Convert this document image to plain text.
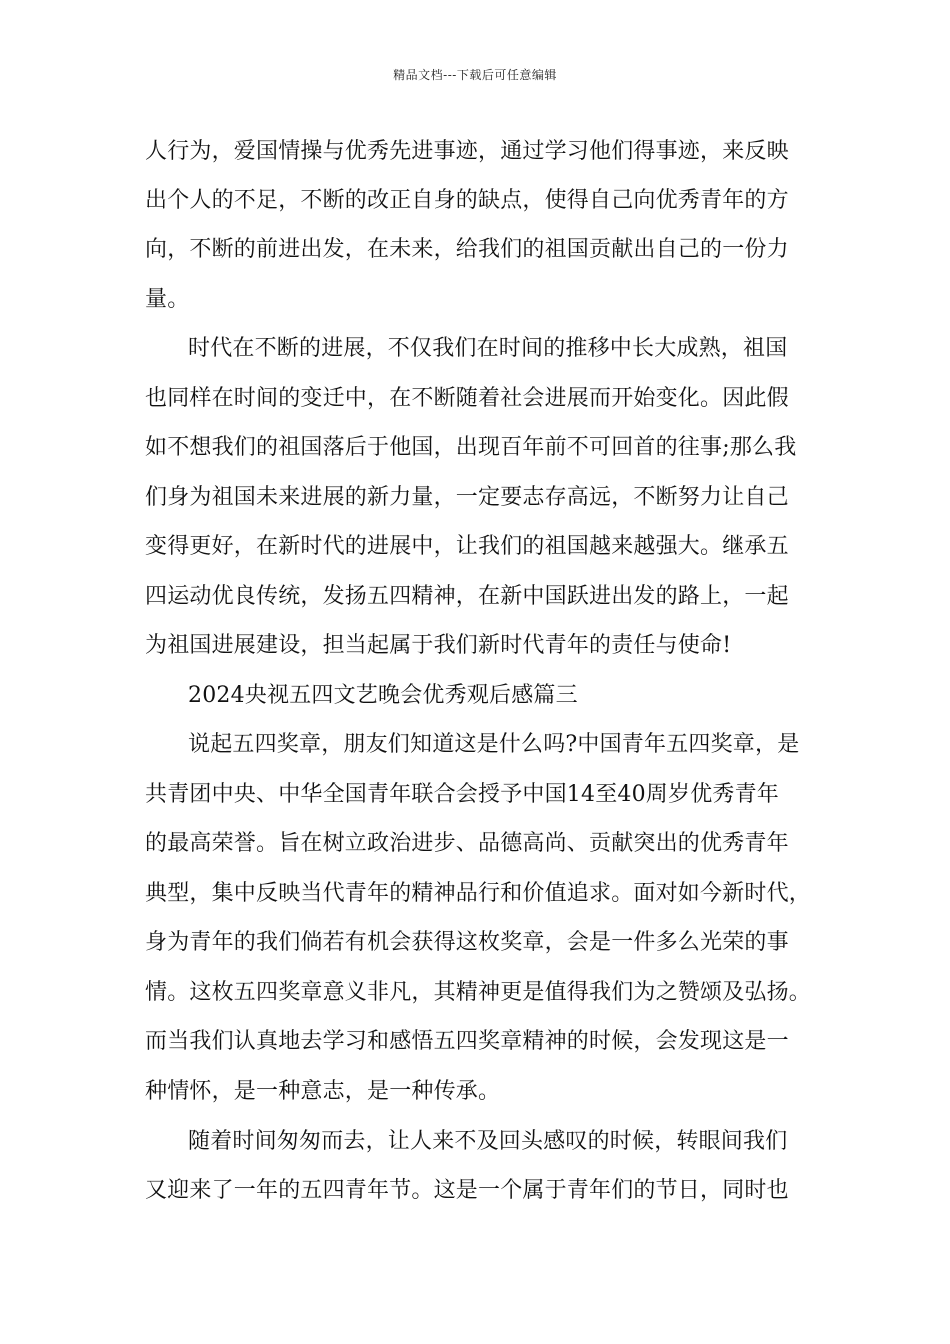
精品文档---下载后可任意编辑
人行为，爱国情操与优秀先进事迹，通过学习他们得事迹，来反映
出个人的不足，不断的改正自身的缺点，使得自己向优秀青年的方
向，不断的前进出发，在未来，给我们的祖国贡献出自己的一份力
量。
时代在不断的进展，不仅我们在时间的推移中长大成熟，祖国
也同样在时间的变迁中，在不断随着社会进展而开始变化。因此假
如不想我们的祖国落后于他国，出现百年前不可回首的往事;那么我
们身为祖国未来进展的新力量，一定要志存高远，不断努力让自己
变得更好，在新时代的进展中，让我们的祖国越来越强大。继承五
四运动优良传统，发扬五四精神，在新中国跃进出发的路上，一起
为祖国进展建设，担当起属于我们新时代青年的责任与使命!
2024央视五四文艺晚会优秀观后感篇三
说起五四奖章，朋友们知道这是什么吗?中国青年五四奖章，是
共青团中央、中华全国青年联合会授予中国14至40周岁优秀青年
的最高荣誉。旨在树立政治进步、品德高尚、贡献突出的优秀青年
典型，集中反映当代青年的精神品行和价值追求。面对如今新时代，
身为青年的我们倘若有机会获得这枚奖章，会是一件多么光荣的事
情。这枚五四奖章意义非凡，其精神更是值得我们为之赞颂及弘扬。
而当我们认真地去学习和感悟五四奖章精神的时候，会发现这是一
种情怀，是一种意志，是一种传承。
随着时间匆匆而去，让人来不及回头感叹的时候，转眼间我们
又迎来了一年的五四青年节。这是一个属于青年们的节日，同时也
